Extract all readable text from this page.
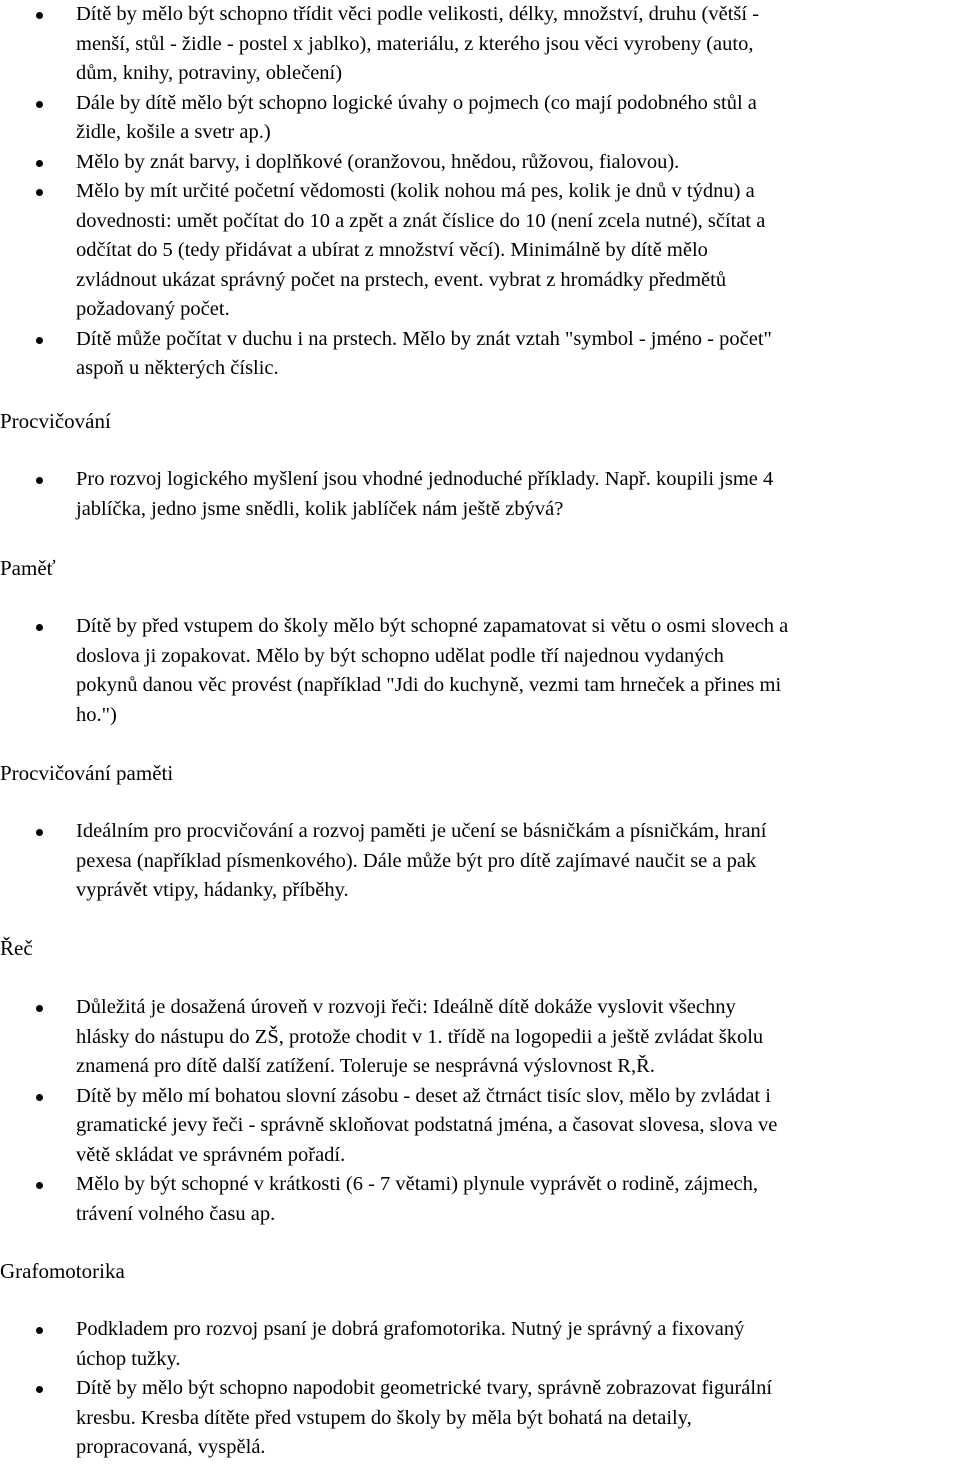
Dítě by mělo být schopno třídit věci podle velikosti, délky, množství, druhu (větší -
menší, stůl - židle - postel x jablko), materiálu, z kterého jsou věci vyrobeny (auto,
dům, knihy, potraviny, oblečení)
Dále by dítě mělo být schopno logické úvahy o pojmech (co mají podobného stůl a
židle, košile a svetr ap.)
Mělo by znát barvy, i doplňkové (oranžovou, hnědou, růžovou, fialovou).
Mělo by mít určité početní vědomosti (kolik nohou má pes, kolik je dnů v týdnu) a
dovednosti: umět počítat do 10 a zpět a znát číslice do 10 (není zcela nutné), sčítat a
odčítat do 5 (tedy přidávat a ubírat z množství věcí). Minimálně by dítě mělo
zvládnout ukázat správný počet na prstech, event. vybrat z hromádky předmětů
požadovaný počet.
Dítě může počítat v duchu i na prstech. Mělo by znát vztah "symbol - jméno - počet"
aspoň u některých číslic.
Procvičování
Pro rozvoj logického myšlení jsou vhodné jednoduché příklady. Např. koupili jsme 4
jablíčka, jedno jsme snědli, kolik jablíček nám ještě zbývá?
Paměť
Dítě by před vstupem do školy mělo být schopné zapamatovat si větu o osmi slovech a
doslova ji zopakovat. Mělo by být schopno udělat podle tří najednou vydaných
pokynů danou věc provést (například "Jdi do kuchyně, vezmi tam hrneček a přines mi
ho.")
Procvičování paměti
Ideálním pro procvičování a rozvoj paměti je učení se básničkám a písničkám, hraní
pexesa (například písmenkového). Dále může být pro dítě zajímavé naučit se a pak
vyprávět vtipy, hádanky, příběhy.
Řeč
Důležitá je dosažená úroveň v rozvoji řeči: Ideálně dítě dokáže vyslovit všechny
hlásky do nástupu do ZŠ, protože chodit v 1. třídě na logopedii a ještě zvládat školu
znamená pro dítě další zatížení. Toleruje se nesprávná výslovnost R,Ř.
Dítě by mělo mí bohatou slovní zásobu - deset až čtrnáct tisíc slov, mělo by zvládat i
gramatické jevy řeči - správně skloňovat podstatná jména, a časovat slovesa, slova ve
větě skládat ve správném pořadí.
Mělo by být schopné v krátkosti (6 - 7 větami) plynule vyprávět o rodině, zájmech,
trávení volného času ap.
Grafomotorika
Podkladem pro rozvoj psaní je dobrá grafomotorika. Nutný je správný a fixovaný
úchop tužky.
Dítě by mělo být schopno napodobit geometrické tvary, správně zobrazovat figurální
kresbu. Kresba dítěte před vstupem do školy by měla být bohatá na detaily,
propracovaná, vyspělá.
